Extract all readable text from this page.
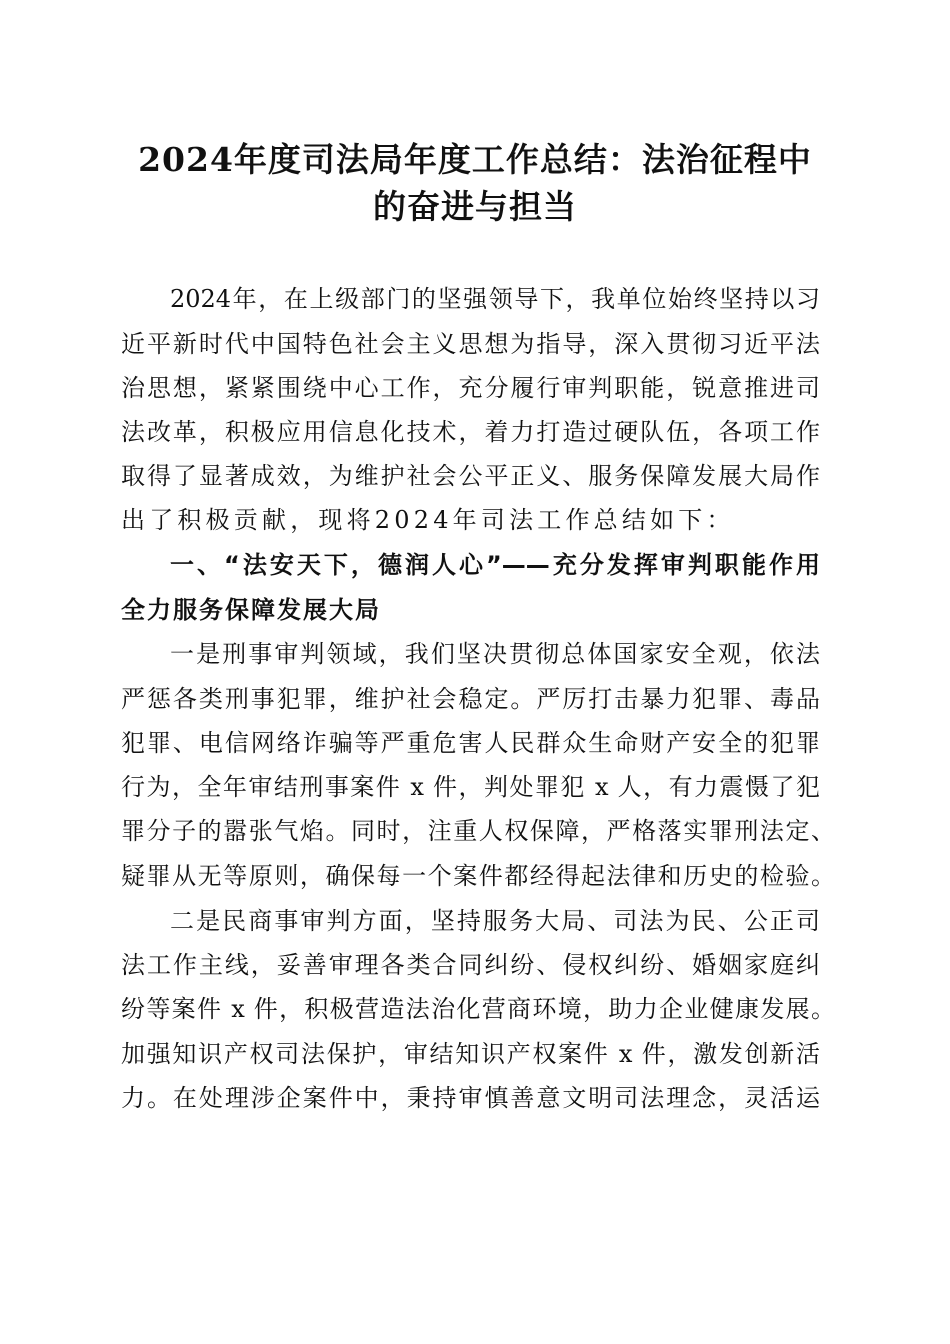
2024年度司法局年度工作总结：法治征程中
的奋进与担当
2024年，在上级部门的坚强领导下，我单位始终坚持以习
近平新时代中国特色社会主义思想为指导，深入贯彻习近平法
治思想，紧紧围绕中心工作，充分履行审判职能，锐意推进司
法改革，积极应用信息化技术，着力打造过硬队伍，各项工作
取得了显著成效，为维护社会公平正义、服务保障发展大局作
出了积极贡献，现将2024年司法工作总结如下：
一、“法安天下，德润人心”——充分发挥审判职能作用
全力服务保障发展大局
一是刑事审判领域，我们坚决贯彻总体国家安全观，依法
严惩各类刑事犯罪，维护社会稳定。严厉打击暴力犯罪、毒品
犯罪、电信网络诈骗等严重危害人民群众生命财产安全的犯罪
行为，全年审结刑事案件 x 件，判处罪犯 x 人，有力震慑了犯
罪分子的嚣张气焰。同时，注重人权保障，严格落实罪刑法定、
疑罪从无等原则，确保每一个案件都经得起法律和历史的检验。
二是民商事审判方面，坚持服务大局、司法为民、公正司
法工作主线，妥善审理各类合同纠纷、侵权纠纷、婚姻家庭纠
纷等案件 x 件，积极营造法治化营商环境，助力企业健康发展。
加强知识产权司法保护，审结知识产权案件 x 件，激发创新活
力。在处理涉企案件中，秉持审慎善意文明司法理念，灵活运
